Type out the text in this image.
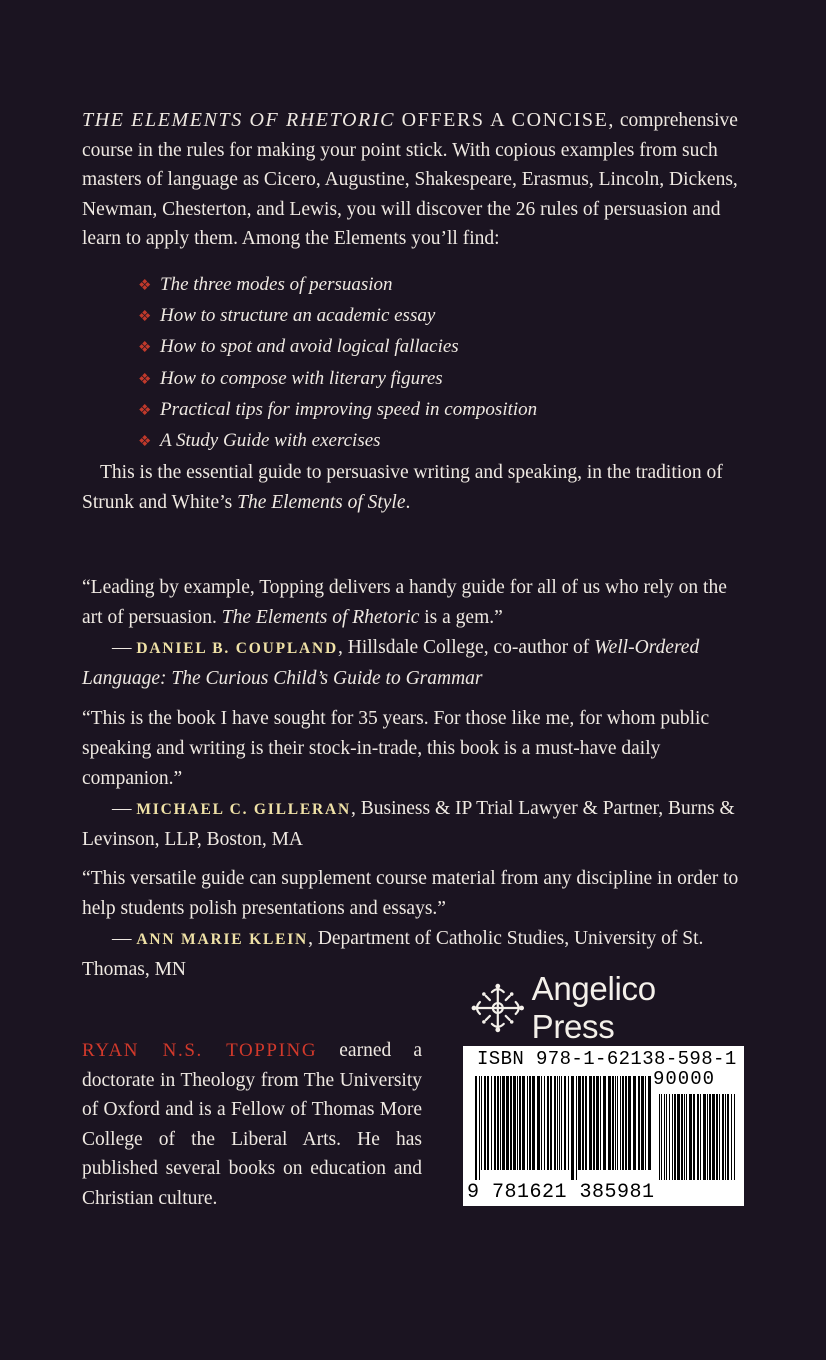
THE ELEMENTS OF RHETORIC OFFERS A CONCISE, comprehensive course in the rules for making your point stick. With copious examples from such masters of language as Cicero, Augustine, Shakespeare, Erasmus, Lincoln, Dickens, Newman, Chesterton, and Lewis, you will discover the 26 rules of persuasion and learn to apply them. Among the Elements you’ll find:
❖ The three modes of persuasion
❖ How to structure an academic essay
❖ How to spot and avoid logical fallacies
❖ How to compose with literary figures
❖ Practical tips for improving speed in composition
❖ A Study Guide with exercises
This is the essential guide to persuasive writing and speaking, in the tradition of Strunk and White’s The Elements of Style.
“Leading by example, Topping delivers a handy guide for all of us who rely on the art of persuasion. The Elements of Rhetoric is a gem.”
— DANIEL B. COUPLAND, Hillsdale College, co-author of Well-Ordered Language: The Curious Child’s Guide to Grammar
“This is the book I have sought for 35 years. For those like me, for whom public speaking and writing is their stock-in-trade, this book is a must-have daily companion.”
— MICHAEL C. GILLERAN, Business & IP Trial Lawyer & Partner, Burns & Levinson, LLP, Boston, MA
“This versatile guide can supplement course material from any discipline in order to help students polish presentations and essays.”
— ANN MARIE KLEIN, Department of Catholic Studies, University of St. Thomas, MN
Angelico Press
RYAN N.S. TOPPING earned a doctorate in Theology from The University of Oxford and is a Fellow of Thomas More College of the Liberal Arts. He has published several books on education and Christian culture.
ISBN 978-1-62138-598-1
90000
9 781621 385981
